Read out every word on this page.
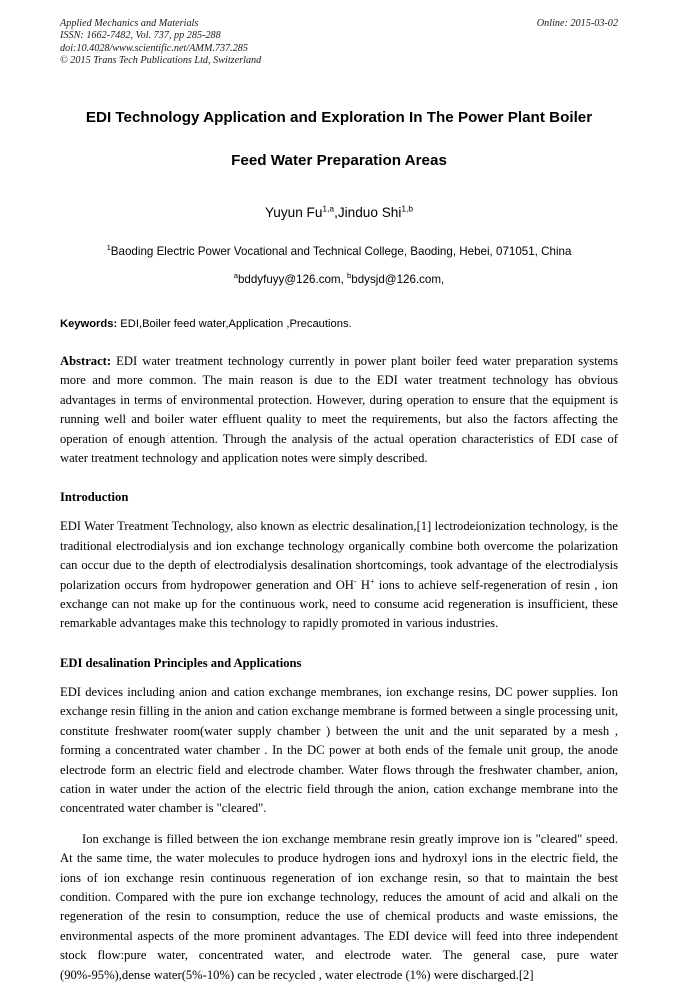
Applied Mechanics and Materials
ISSN: 1662-7482, Vol. 737, pp 285-288
doi:10.4028/www.scientific.net/AMM.737.285
© 2015 Trans Tech Publications Ltd, Switzerland
Online: 2015-03-02
EDI Technology Application and Exploration In The Power Plant Boiler
Feed Water Preparation Areas
Yuyun Fu$^{1,a}$,Jinduo Shi$^{1,b}$
$^1$Baoding Electric Power Vocational and Technical College, Baoding, Hebei, 071051, China
$^a$bddyfuyy@126.com, $^b$bdysjd@126.com,
Keywords: EDI,Boiler feed water,Application ,Precautions.
Abstract: EDI water treatment technology currently in power plant boiler feed water preparation systems more and more common. The main reason is due to the EDI water treatment technology has obvious advantages in terms of environmental protection. However, during operation to ensure that the equipment is running well and boiler water effluent quality to meet the requirements, but also the factors affecting the operation of enough attention. Through the analysis of the actual operation characteristics of EDI case of water treatment technology and application notes were simply described.
Introduction
EDI Water Treatment Technology, also known as electric desalination,[1] lectrodeionization technology, is the traditional electrodialysis and ion exchange technology organically combine both overcome the polarization can occur due to the depth of electrodialysis desalination shortcomings, took advantage of the electrodialysis polarization occurs from hydropower generation and OH- H+ ions to achieve self-regeneration of resin , ion exchange can not make up for the continuous work, need to consume acid regeneration is insufficient, these remarkable advantages make this technology to rapidly promoted in various industries.
EDI desalination Principles and Applications
EDI devices including anion and cation exchange membranes, ion exchange resins, DC power supplies. Ion exchange resin filling in the anion and cation exchange membrane is formed between a single processing unit, constitute freshwater room(water supply chamber ) between the unit and the unit separated by a mesh , forming a concentrated water chamber . In the DC power at both ends of the female unit group, the anode electrode form an electric field and electrode chamber. Water flows through the freshwater chamber, anion, cation in water under the action of the electric field through the anion, cation exchange membrane into the concentrated water chamber is "cleared".
Ion exchange is filled between the ion exchange membrane resin greatly improve ion is "cleared" speed. At the same time, the water molecules to produce hydrogen ions and hydroxyl ions in the electric field, the ions of ion exchange resin continuous regeneration of ion exchange resin, so that to maintain the best condition. Compared with the pure ion exchange technology, reduces the amount of acid and alkali on the regeneration of the resin to consumption, reduce the use of chemical products and waste emissions, the environmental aspects of the more prominent advantages. The EDI device will feed into three independent stock flow:pure water, concentrated water, and electrode water. The general case, pure water (90%-95%),dense water(5%-10%) can be recycled , water electrode (1%) were discharged.[2]
